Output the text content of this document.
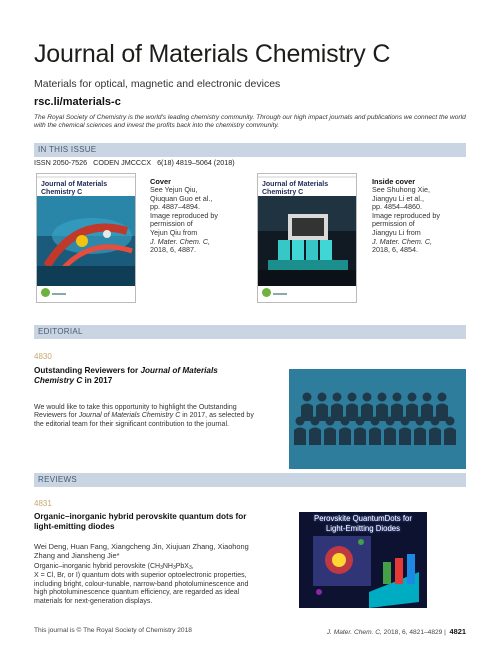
Journal of Materials Chemistry C
Materials for optical, magnetic and electronic devices
rsc.li/materials-c
The Royal Society of Chemistry is the world's leading chemistry community. Through our high impact journals and publications we connect the world with the chemical sciences and invest the profits back into the chemistry community.
IN THIS ISSUE
ISSN 2050-7526 CODEN JMCCCX 6(18) 4819–5064 (2018)
Journal of Materials Chemistry C
Cover
See Yejun Qiu,
Qiuquan Guo et al.,
pp. 4887–4894.
Image reproduced by
permission of
Yejun Qiu from
J. Mater. Chem. C,
2018, 6, 4887.
Journal of Materials Chemistry C
Inside cover
See Shuhong Xie,
Jiangyu Li et al.,
pp. 4854–4860.
Image reproduced by
permission of
Jiangyu Li from
J. Mater. Chem. C,
2018, 6, 4854.
EDITORIAL
4830
Outstanding Reviewers for Journal of Materials Chemistry C in 2017
We would like to take this opportunity to highlight the Outstanding Reviewers for Journal of Materials Chemistry C in 2017, as selected by the editorial team for their significant contribution to the journal.
REVIEWS
4831
Organic–inorganic hybrid perovskite quantum dots for light-emitting diodes
Wei Deng, Huan Fang, Xiangcheng Jin, Xiujuan Zhang, Xiaohong Zhang and Jiansheng Jie*
Organic–inorganic hybrid perovskite ($CH_3NH_3PbX_3$,
X = Cl, Br, or I) quantum dots with superior optoelectronic properties, including bright, colour-tunable, narrow-band photoluminescence and high photoluminescence quantum efficiency, are regarded as ideal materials for next-generation displays.
Perovskite QuantumDots for
Light-Emitting Diodes
This journal is © The Royal Society of Chemistry 2018	J. Mater. Chem. C, 2018, 6, 4821–4829 | 4821
